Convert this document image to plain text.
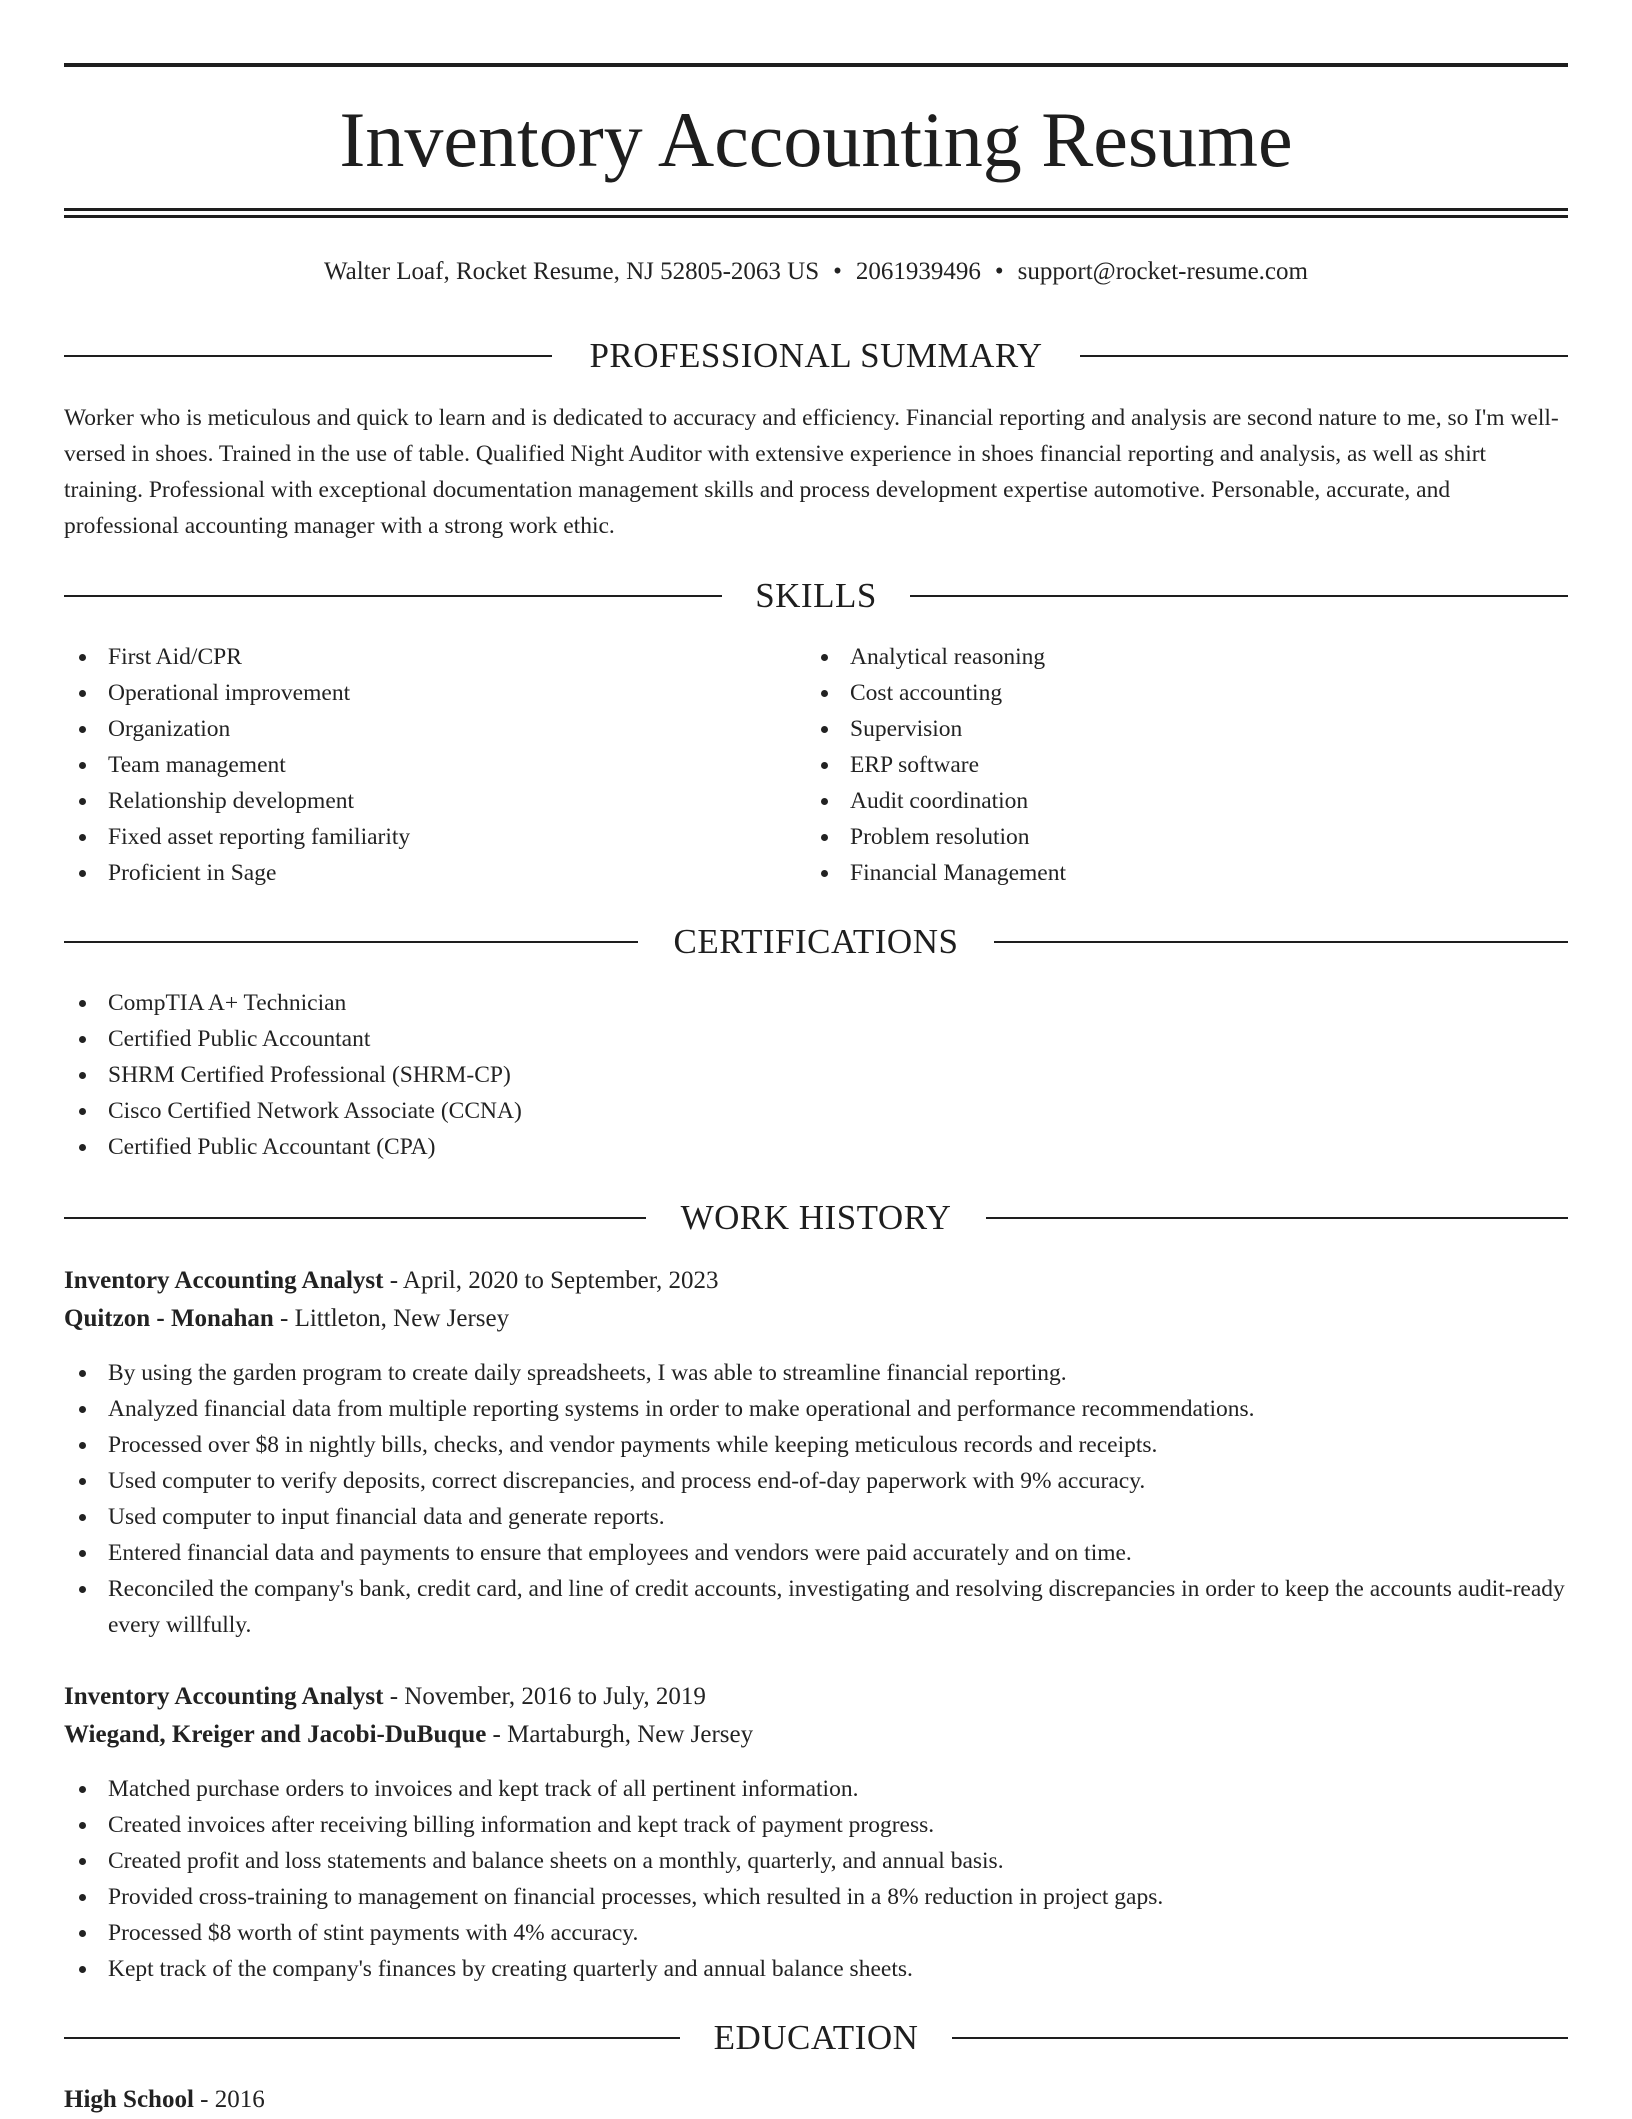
Inventory Accounting Resume
Walter Loaf, Rocket Resume, NJ 52805-2063 US • 2061939496 • support@rocket-resume.com
PROFESSIONAL SUMMARY

Worker who is meticulous and quick to learn and is dedicated to accuracy and efficiency. Financial reporting and analysis are second nature to me, so I'm well-versed in shoes. Trained in the use of table. Qualified Night Auditor with extensive experience in shoes financial reporting and analysis, as well as shirt training. Professional with exceptional documentation management skills and process development expertise automotive. Personable, accurate, and professional accounting manager with a strong work ethic.

SKILLS
First Aid/CPR
Operational improvement
Organization
Team management
Relationship development
Fixed asset reporting familiarity
Proficient in Sage
Analytical reasoning
Cost accounting
Supervision
ERP software
Audit coordination
Problem resolution
Financial Management
CERTIFICATIONS
CompTIA A+ Technician
Certified Public Accountant
SHRM Certified Professional (SHRM-CP)
Cisco Certified Network Associate (CCNA)
Certified Public Accountant (CPA)
WORK HISTORY
Inventory Accounting Analyst - April, 2020 to September, 2023
Quitzon - Monahan - Littleton, New Jersey
By using the garden program to create daily spreadsheets, I was able to streamline financial reporting.
Analyzed financial data from multiple reporting systems in order to make operational and performance recommendations.
Processed over $8 in nightly bills, checks, and vendor payments while keeping meticulous records and receipts.
Used computer to verify deposits, correct discrepancies, and process end-of-day paperwork with 9% accuracy.
Used computer to input financial data and generate reports.
Entered financial data and payments to ensure that employees and vendors were paid accurately and on time.
Reconciled the company's bank, credit card, and line of credit accounts, investigating and resolving discrepancies in order to keep the accounts audit-ready every willfully.
Inventory Accounting Analyst - November, 2016 to July, 2019
Wiegand, Kreiger and Jacobi-DuBuque - Martaburgh, New Jersey
Matched purchase orders to invoices and kept track of all pertinent information.
Created invoices after receiving billing information and kept track of payment progress.
Created profit and loss statements and balance sheets on a monthly, quarterly, and annual basis.
Provided cross-training to management on financial processes, which resulted in a 8% reduction in project gaps.
Processed $8 worth of stint payments with 4% accuracy.
Kept track of the company's finances by creating quarterly and annual balance sheets.
EDUCATION
High School - 2016
